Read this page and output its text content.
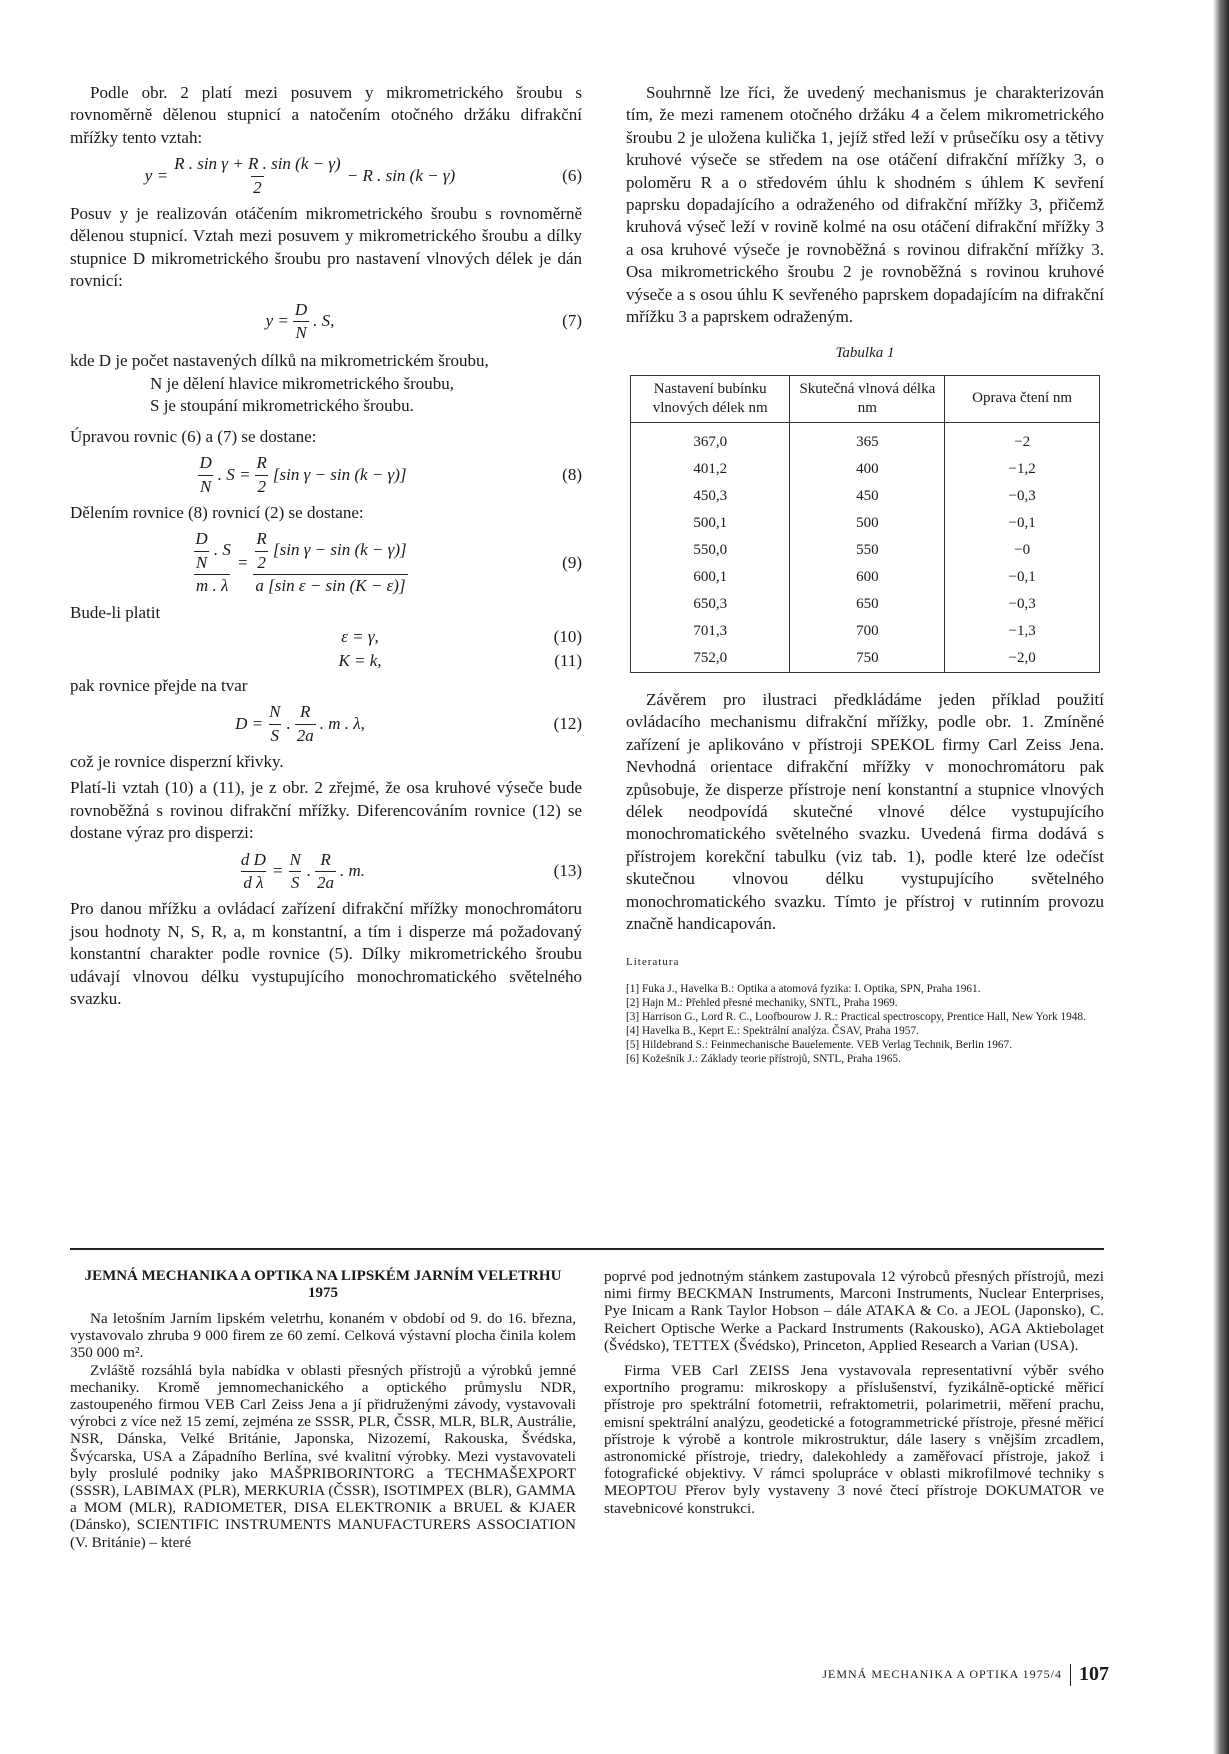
Podle obr. 2 platí mezi posuvem y mikrometrického šroubu s rovnoměrně dělenou stupnicí a natočením otočného držáku difrakční mřížky tento vztah:

$y = \frac{\text{R . sin γ + R . sin (k − γ)}}{2} - R$ . sin (k − γ)	(6)

Posuv y je realizován otáčením mikrometrického šroubu s rovnoměrně dělenou stupnicí. Vztah mezi posuvem y mikrometrického šroubu a dílky stupnice D mikrometrického šroubu pro nastavení vlnových délek je dán rovnicí:

$y = \frac{D}{N}$ . S,	(7)
kde D je počet nastavených dílků na mikrometrickém šroubu,
N je dělení hlavice mikrometrického šroubu,
S je stoupání mikrometrického šroubu.

Úpravou rovnic (6) a (7) se dostane:

$\frac{D}{N}$ . $S = \frac{R}{2} [\sin$ γ − sin (k − γ)]	(8)

Dělením rovnice (8) rovnicí (2) se dostane:

$\frac{\frac{D}{N} . S}{m . \lambda} = \frac{\frac{R}{2} [\sin \gamma - \sin (k - \gamma)]}{\text{a [sin ε − sin (K − ε)]}}$	(9)

Bude-li platit

ε = γ,	(10)
K = k,	(11)

pak rovnice přejde na tvar

$D = \frac{N}{S}$ . $\frac{R}{2a}$ . m . λ,	(12)

což je rovnice disperzní křivky.

Platí-li vztah (10) a (11), je z obr. 2 zřejmé, že osa kruhové výseče bude rovnoběžná s rovinou difrakční mřížky. Diferencováním rovnice (12) se dostane výraz pro disperzi:

$\frac{\text{d D}}{\text{d λ}} = \frac{N}{S}$ . $\frac{R}{2a}$ . m.	(13)

Pro danou mřížku a ovládací zařízení difrakční mřížky monochromátoru jsou hodnoty N, S, R, a, m konstantní, a tím i disperze má požadovaný konstantní charakter podle rovnice (5). Dílky mikrometrického šroubu udávají vlnovou délku vystupujícího monochromatického světelného svazku.

Souhrnně lze říci, že uvedený mechanismus je charakterizován tím, že mezi ramenem otočného držáku 4 a čelem mikrometrického šroubu 2 je uložena kulička 1, jejíž střed leží v průsečíku osy a tětivy kruhové výseče se středem na ose otáčení difrakční mřížky 3, o poloměru R a o středovém úhlu k shodném s úhlem K sevření paprsku dopadajícího a odraženého od difrakční mřížky 3, přičemž kruhová výseč leží v rovině kolmé na osu otáčení difrakční mřížky 3 a osa kruhové výseče je rovnoběžná s rovinou difrakční mřížky 3. Osa mikrometrického šroubu 2 je rovnoběžná s rovinou kruhové výseče a s osou úhlu K sevřeného paprskem dopadajícím na difrakční mřížku 3 a paprskem odraženým.

Tabulka 1
Nastavení bubínku vlnových délek nm	Skutečná vlnová délka nm	Oprava čtení nm
367,0	365	−2
401,2	400	−1,2
450,3	450	−0,3
500,1	500	−0,1
550,0	550	−0
600,1	600	−0,1
650,3	650	−0,3
701,3	700	−1,3
752,0	750	−2,0

Závěrem pro ilustraci předkládáme jeden příklad použití ovládacího mechanismu difrakční mřížky, podle obr. 1. Zmíněné zařízení je aplikováno v přístroji SPEKOL firmy Carl Zeiss Jena. Nevhodná orientace difrakční mřížky v monochromátoru pak způsobuje, že disperze přístroje není konstantní a stupnice vlnových délek neodpovídá skutečné vlnové délce vystupujícího monochromatického světelného svazku. Uvedená firma dodává s přístrojem korekční tabulku (viz tab. 1), podle které lze odečíst skutečnou vlnovou délku vystupujícího světelného monochromatického svazku. Tímto je přístroj v rutinním provozu značně handicapován.

Literatura
[1] Fuka J., Havelka B.: Optika a atomová fyzika: I. Optika, SPN, Praha 1961.
[2] Hajn M.: Přehled přesné mechaniky, SNTL, Praha 1969.
[3] Harrison G., Lord R. C., Loofbourow J. R.: Practical spectroscopy, Prentice Hall, New York 1948.
[4] Havelka B., Keprt E.: Spektrální analýza. ČSAV, Praha 1957.
[5] Hildebrand S.: Feinmechanische Bauelemente. VEB Verlag Technik, Berlin 1967.
[6] Kožešník J.: Základy teorie přístrojů, SNTL, Praha 1965.
JEMNÁ MECHANIKA A OPTIKA NA LIPSKÉM JARNÍM VELETRHU 1975

Na letošním Jarním lipském veletrhu, konaném v období od 9. do 16. března, vystavovalo zhruba 9 000 firem ze 60 zemí. Celková výstavní plocha činila kolem 350 000 m².

Zvláště rozsáhlá byla nabídka v oblasti přesných přístrojů a výrobků jemné mechaniky. Kromě jemnomechanického a optického průmyslu NDR, zastoupeného firmou VEB Carl Zeiss Jena a jí přidruženými závody, vystavovali výrobci z více než 15 zemí, zejména ze SSSR, PLR, ČSSR, MLR, BLR, Austrálie, NSR, Dánska, Velké Británie, Japonska, Nizozemí, Rakouska, Švédska, Švýcarska, USA a Západního Berlína, své kvalitní výrobky. Mezi vystavovateli byly proslulé podniky jako MAŠPRIBORINTORG a TECHMAŠEXPORT (SSSR), LABIMAX (PLR), MERKURIA (ČSSR), ISOTIMPEX (BLR), GAMMA a MOM (MLR), RADIOMETER, DISA ELEKTRONIK a BRUEL & KJAER (Dánsko), SCIENTIFIC INSTRUMENTS MANUFACTURERS ASSOCIATION (V. Británie) – které

poprvé pod jednotným stánkem zastupovala 12 výrobců přesných přístrojů, mezi nimi firmy BECKMAN Instruments, Marconi Instruments, Nuclear Enterprises, Pye Inicam a Rank Taylor Hobson – dále ATAKA & Co. a JEOL (Japonsko), C. Reichert Optische Werke a Packard Instruments (Rakousko), AGA Aktiebolaget (Švédsko), TETTEX (Švédsko), Princeton, Applied Research a Varian (USA).

Firma VEB Carl ZEISS Jena vystavovala representativní výběr svého exportního programu: mikroskopy a příslušenství, fyzikálně-optické měřicí přístroje pro spektrální fotometrii, refraktometrii, polarimetrii, měření prachu, emisní spektrální analýzu, geodetické a fotogrammetrické přístroje, přesné měřicí přístroje k výrobě a kontrole mikrostruktur, dále lasery s vnějším zrcadlem, astronomické přístroje, triedry, dalekohledy a zaměřovací přístroje, jakož i fotografické objektivy. V rámci spolupráce v oblasti mikrofilmové techniky s MEOPTOU Přerov byly vystaveny 3 nové čtecí přístroje DOKUMATOR ve stavebnicové konstrukci.

JEMNÁ MECHANIKA A OPTIKA 1975/4 107
